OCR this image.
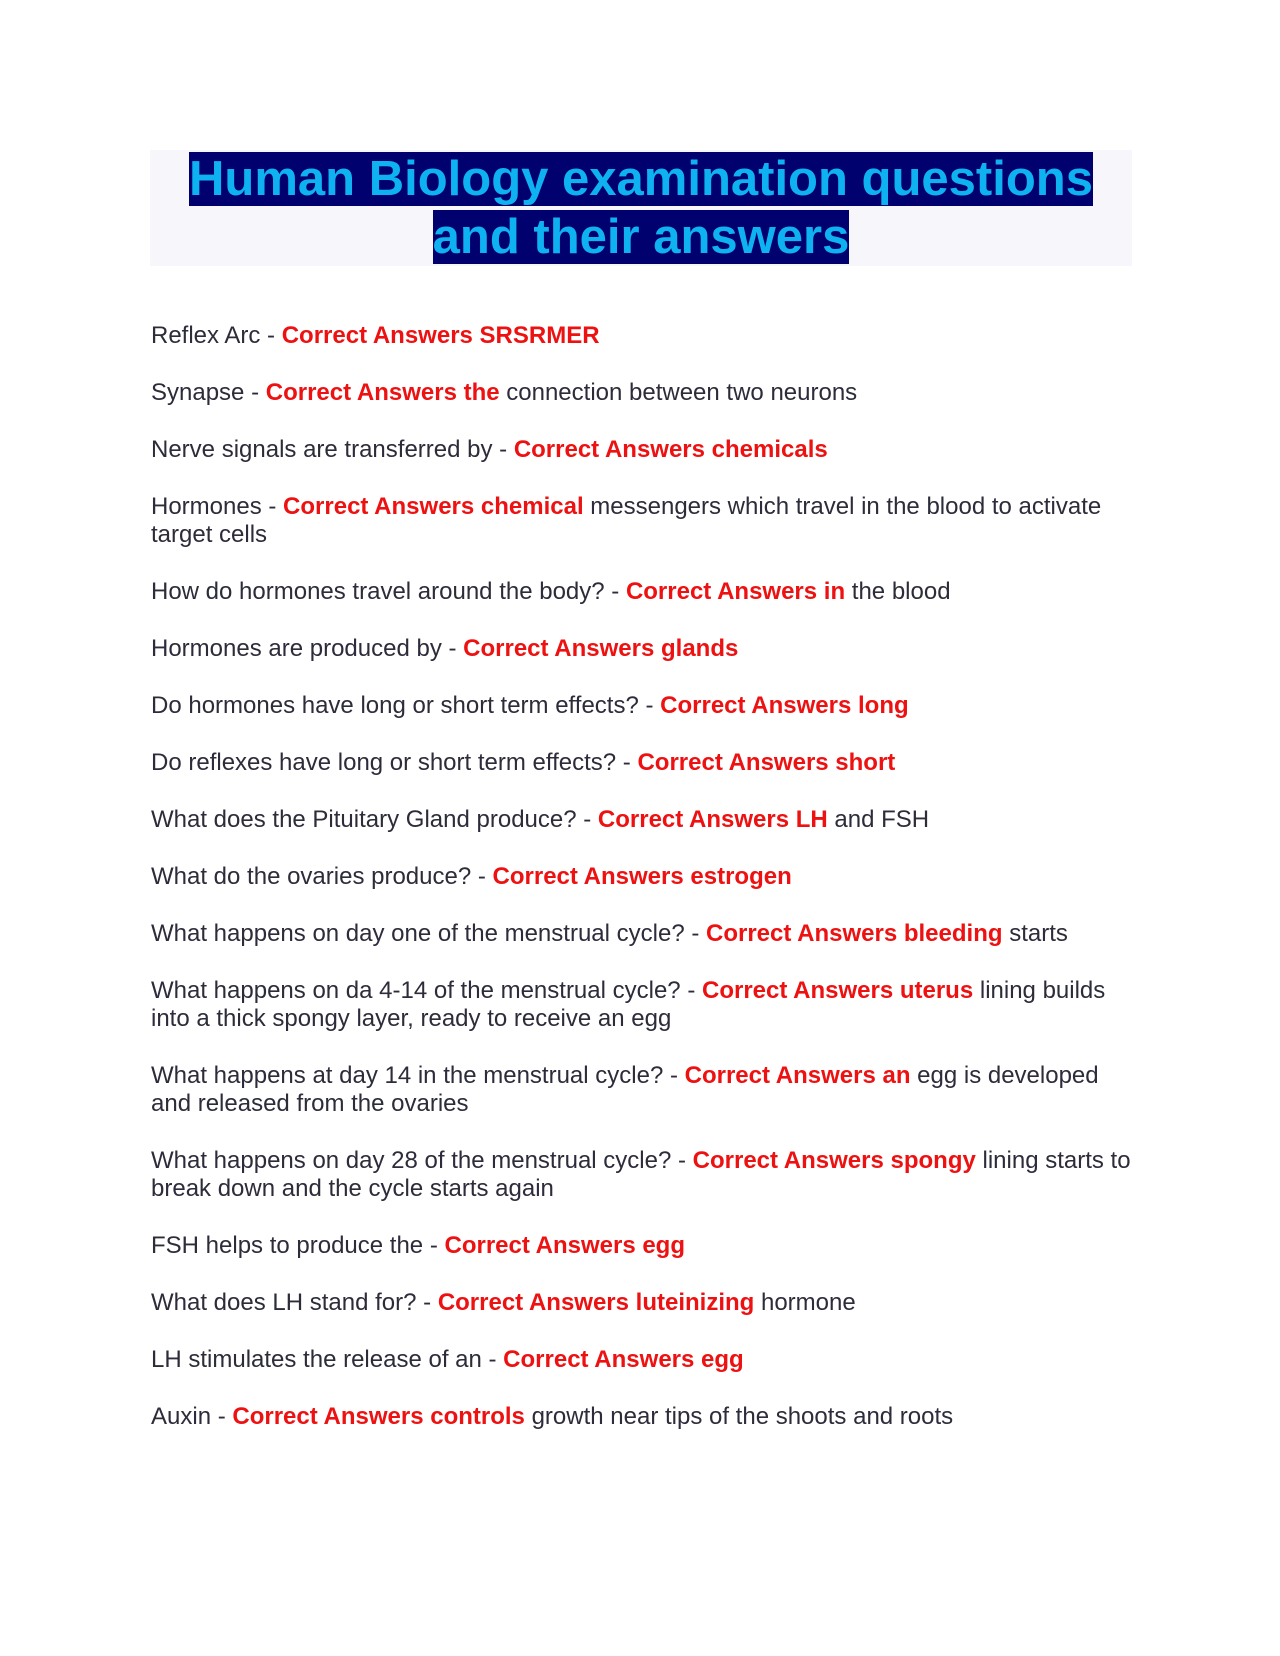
Human Biology examination questions
and their answers

Reflex Arc - Correct Answers SRSRMER

Synapse - Correct Answers the connection between two neurons

Nerve signals are transferred by - Correct Answers chemicals

Hormones - Correct Answers chemical messengers which travel in the blood to activate target cells

How do hormones travel around the body? - Correct Answers in the blood

Hormones are produced by - Correct Answers glands

Do hormones have long or short term effects? - Correct Answers long

Do reflexes have long or short term effects? - Correct Answers short

What does the Pituitary Gland produce? - Correct Answers LH and FSH

What do the ovaries produce? - Correct Answers estrogen

What happens on day one of the menstrual cycle? - Correct Answers bleeding starts

What happens on da 4-14 of the menstrual cycle? - Correct Answers uterus lining builds into a thick spongy layer, ready to receive an egg

What happens at day 14 in the menstrual cycle? - Correct Answers an egg is developed and released from the ovaries

What happens on day 28 of the menstrual cycle? - Correct Answers spongy lining starts to break down and the cycle starts again

FSH helps to produce the - Correct Answers egg

What does LH stand for? - Correct Answers luteinizing hormone

LH stimulates the release of an - Correct Answers egg

Auxin - Correct Answers controls growth near tips of the shoots and roots
